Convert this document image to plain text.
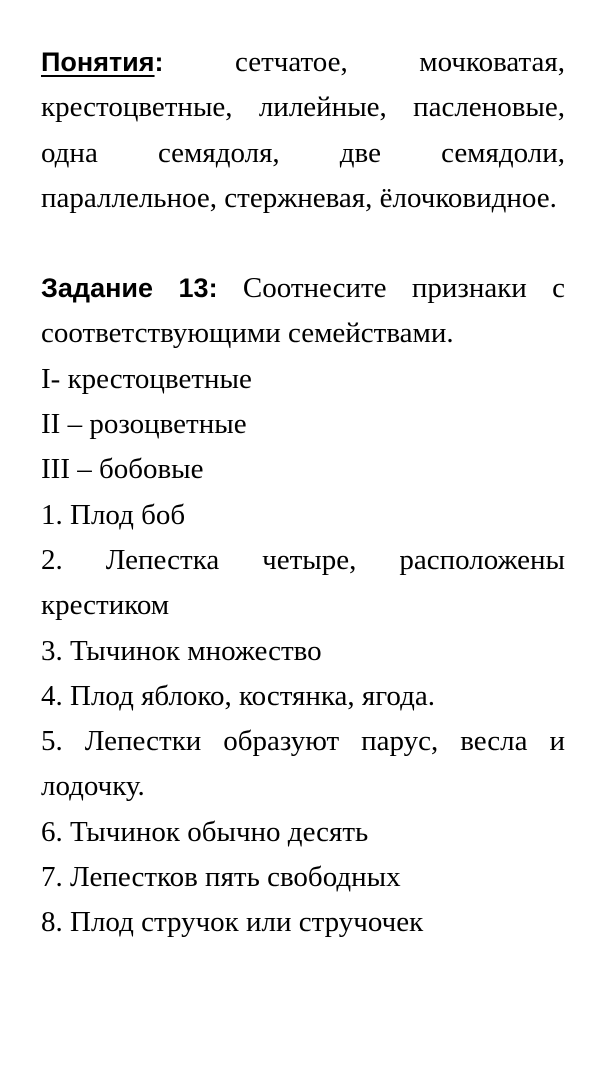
Понятия: сетчатое, мочковатая, крестоцветные, лилейные, пасленовые, одна семядоля, две семядоли, параллельное, стержневая, ёлочковидное.

Задание 13: Соотнесите признаки с соответствующими семействами.

I- крестоцветные
II – розоцветные
III – бобовые

1. Плод боб

2. Лепестка четыре, расположены крестиком

3. Тычинок множество

4. Плод яблоко, костянка, ягода.

5. Лепестки образуют парус, весла и лодочку.

6. Тычинок обычно десять

7. Лепестков пять свободных

8. Плод стручок или стручочек
